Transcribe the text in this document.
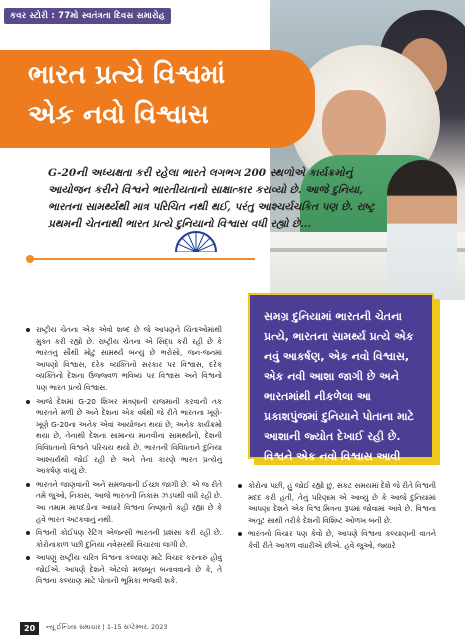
કવર સ્ટોરી : 77મો સ્વતંત્રતા દિવસ સમારોહ
ભારત પ્રત્યે વિશ્વમાં
એક નવો વિશ્વાસ

G-20ની અધ્યક્ષતા કરી રહેલા ભારતે લગભગ 200 સ્થળોએ કાર્યક્રમોનું આયોજન કરીને વિશ્વને ભારતીયતાનો સાક્ષાત્કાર કરાવ્યો છે. આજે દુનિયા, ભારતના સામર્થ્યથી માત્ર પરિચિત નથી થઈ, પરંતુ આશ્ચર્યચકિત પણ છે. રાષ્ટ્ર પ્રથમની ચેતનાથી ભારત પ્રત્યે દુનિયાનો વિશ્વાસ વધી રહ્યો છે...

સમગ્ર દુનિયામાં ભારતની ચેતના પ્રત્યે, ભારતના સામર્થ્ય પ્રત્યે એક નવું આકર્ષણ, એક નવો વિશ્વાસ, એક નવી આશા જાગી છે અને ભારતમાંથી નીકળેલા આ પ્રકાશપુંજમાં દુનિયાને પોતાના માટે આશાની જ્યોત દેખાઈ રહી છે. વિશ્વને એક નવો વિશ્વાસ આવી રહ્યો છે.

રાષ્ટ્રીય ચેતના એક એવો શબ્દ છે જે આપણને ચિંતાઓમાંથી મુક્ત કરી રહ્યો છે. રાષ્ટ્રીય ચેતના એ સિદ્ધ કરી રહી છે કે ભારતનું સૌથી મોટું સામર્થ્ય બન્યું છે ભરોસો, જન-જનમાં આપણો વિશ્વાસ, દરેક વ્યક્તિનો સરકાર પર વિશ્વાસ, દરેક વ્યક્તિનો દેશના ઉજ્જ્વળ ભવિષ્ય પર વિશ્વાસ અને વિશ્વનો પણ ભારત પ્રત્યે વિશ્વાસ.
આજે દેશમાં G-20 શિખર મંત્રણાની યજમાની કરવાની તક ભારતને મળી છે અને દેશના એક વર્ષથી જે રીતે ભારતના ખૂણે-ખૂણે G-20ના અનેક એવાં આયોજન થયાં છે, અનેક કાર્યક્રમો થયા છે, તેનાથી દેશના સામાન્ય માનવીના સામર્થ્યનો, દેશની વિવિધતાનો વિશ્વને પરિચય થયો છે. ભારતની વિવિધતાને દુનિયા આશ્ચર્યથી જોઈ રહી છે અને તેના કારણે ભારત પ્રત્યેનું આકર્ષણ વધ્યું છે.
ભારતને જાણવાની અને સમજવાની ઈચ્છા જાગી છે. એ જ રીતે તમે જુઓ, નિકાસ, આજે ભારતની નિકાસ ઝડપથી વધી રહી છે. આ તમામ માપદંડોના આધારે વિશ્વના નિષ્ણાતો કહી રહ્યા છે કે હવે ભારત અટકવાનું નથી.
વિશ્વની કોઈપણ રેટિંગ એજન્સી ભારતની પ્રશંસા કરી રહી છે. કોરોનાકાળ પછી દુનિયા નવેસરથી વિચારવા લાગી છે.
આપણું રાષ્ટ્રીય ચરિત્ર વિશ્વના કલ્યાણ માટે વિચાર કરનારું હોવું જોઈએ. આપણે દેશને એટલો મજબૂત બનાવવાનો છે કે, તે વિશ્વના કલ્યાણ માટે પોતાની ભૂમિકા ભજવી શકે.
કોરોના પછી, હું જોઈ રહ્યો છું, સંકટ સમયમાં દેશે જે રીતે વિશ્વની મદદ કરી હતી, તેનું પરિણામ એ આવ્યું છે કે આજે દુનિયામાં આપણા દેશને એક વિશ્વ મિત્રના રૂપમાં જોવામાં આવે છે. વિશ્વના અતૂટ સાથી તરીકે દેશની વિશિષ્ટ ઓળખ બની છે.
ભારતનો વિચાર પણ કેવો છે, આપણે વિશ્વના કલ્યાણની વાતને કેવી રીતે આગળ વધારીએ છીએ. હવે જુઓ, જ્યારે
20	ન્યૂ ઈન્ડિયા સમાચાર | 1-15 સપ્ટેમ્બર, 2023
